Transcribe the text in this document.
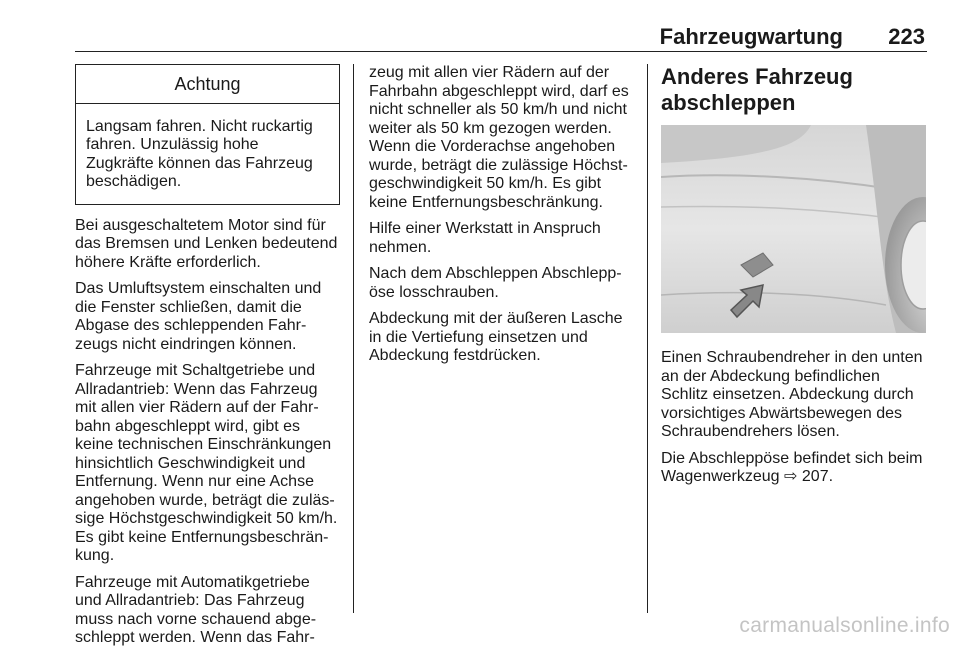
Fahrzeugwartung 223
Achtung
Langsam fahren. Nicht ruckartig fahren. Unzulässig hohe Zugkräfte können das Fahrzeug beschädigen.

Bei ausgeschaltetem Motor sind für das Bremsen und Lenken bedeutend höhere Kräfte erforderlich.

Das Umluftsystem einschalten und die Fenster schließen, damit die Abgase des schleppenden Fahrzeugs nicht eindringen können.

Fahrzeuge mit Schaltgetriebe und Allradantrieb: Wenn das Fahrzeug mit allen vier Rädern auf der Fahrbahn abgeschleppt wird, gibt es keine technischen Einschränkungen hinsichtlich Geschwindigkeit und Entfernung. Wenn nur eine Achse angehoben wurde, beträgt die zulässige Höchstgeschwindigkeit 50 km/h. Es gibt keine Entfernungsbeschränkung.

Fahrzeuge mit Automatikgetriebe und Allradantrieb: Das Fahrzeug muss nach vorne schauend abgeschleppt werden. Wenn das Fahr-

zeug mit allen vier Rädern auf der Fahrbahn abgeschleppt wird, darf es nicht schneller als 50 km/h und nicht weiter als 50 km gezogen werden. Wenn die Vorderachse angehoben wurde, beträgt die zulässige Höchstgeschwindigkeit 50 km/h. Es gibt keine Entfernungsbeschränkung.

Hilfe einer Werkstatt in Anspruch nehmen.

Nach dem Abschleppen Abschleppöse losschrauben.

Abdeckung mit der äußeren Lasche in die Vertiefung einsetzen und Abdeckung festdrücken.

Anderes Fahrzeug abschleppen

Einen Schraubendreher in den unten an der Abdeckung befindlichen Schlitz einsetzen. Abdeckung durch vorsichtiges Abwärtsbewegen des Schraubendrehers lösen.

Die Abschleppöse befindet sich beim Wagenwerkzeug ⇨ 207.

carmanualsonline.info
